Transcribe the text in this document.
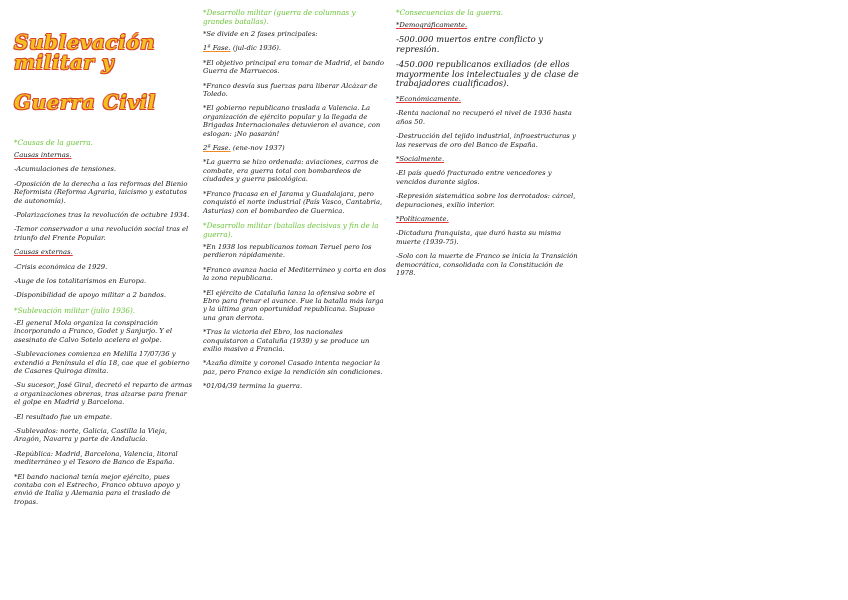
Sublevación militar y

Guerra Civil

*Causas de la guerra.
Causas internas.
-Acumulaciones de tensiones.
-Oposición de la derecha a las reformas del Bienio Reformista (Reforma Agraria, laicismo y estatutos de autonomía).
-Polarizaciones tras la revolución de octubre 1934.
-Temor conservador a una revolución social tras el triunfo del Frente Popular.
Causas externas.
-Crisis económica de 1929.
-Auge de los totalitarismos en Europa.
-Disponibilidad de apoyo militar a 2 bandos.
*Sublevación militar (julio 1936).
-El general Mola organiza la conspiración incorporando a Franco, Godet y Sanjurjo. Y el asesinato de Calvo Sotelo acelera el golpe.
-Sublevaciones comienza en Melilla 17/07/36 y extendió a Península el día 18, cae que el gobierno de Casares Quiroga dimita.
-Su sucesor, José Giral, decretó el reparto de armas a organizaciones obreras, tras alzarse para frenar el golpe en Madrid y Barcelona.
-El resultado fue un empate.
-Sublevados: norte, Galicia, Castilla la Vieja, Aragón, Navarra y parte de Andalucía.
-República: Madrid, Barcelona, Valencia, litoral mediterráneo y el Tesoro de Banco de España.
*El bando nacional tenía mejor ejército, pues contaba con el Estrecho, Franco obtuvo apoyo y envió de Italia y Alemania para el traslado de tropas.
*Desarrollo militar (guerra de columnas y grandes batallas).
*Se divide en 2 fases principales:
1ª Fase. (jul-dic 1936).
*El objetivo principal era tomar de Madrid, el bando Guerra de Marruecos.
*Franco desvía sus fuerzas para liberar Alcázar de Toledo.
*El gobierno republicano traslada a Valencia. La organización de ejército popular y la llegada de Brigadas Internacionales detuvieron el avance, con eslogan: ¡No pasarán!
2ª Fase. (ene-nov 1937)
*La guerra se hizo ordenada: aviaciones, carros de combate, era guerra total con bombardeos de ciudades y guerra psicológica.
*Franco fracasa en el Jarama y Guadalajara, pero conquistó el norte industrial (País Vasco, Cantabria, Asturias) con el bombardeo de Guernica.
*Desarrollo militar (batallas decisivas y fin de la guerra).
*En 1938 los republicanos toman Teruel pero los perdieron rápidamente.
*Franco avanza hacia el Mediterráneo y corta en dos la zona republicana.
*El ejército de Cataluña lanza la ofensiva sobre el Ebro para frenar el avance. Fue la batalla más larga y la última gran oportunidad republicana. Supuso una gran derrota.
*Tras la victoria del Ebro, los nacionales conquistaron a Cataluña (1939) y se produce un exilio masivo a Francia.
*Azaña dimite y coronel Casado intenta negociar la paz, pero Franco exige la rendición sin condiciones.
*01/04/39 termina la guerra.
*Consecuencias de la guerra.
*Demográficamente.
-500.000 muertos entre conflicto y represión.
-450.000 republicanos exiliados (de ellos mayormente los intelectuales y de clase de trabajadores cualificados).
*Económicamente.
-Renta nacional no recuperó el nivel de 1936 hasta años 50.
-Destrucción del tejido industrial, infraestructuras y las reservas de oro del Banco de España.
*Socialmente.
-El país quedó fracturado entre vencedores y vencidos durante siglos.
-Represión sistemática sobre los derrotados: cárcel, depuraciones, exilio interior.
*Políticamente.
-Dictadura franquista, que duró hasta su misma muerte (1939-75).
-Solo con la muerte de Franco se inicia la Transición democrática, consolidada con la Constitución de 1978.
